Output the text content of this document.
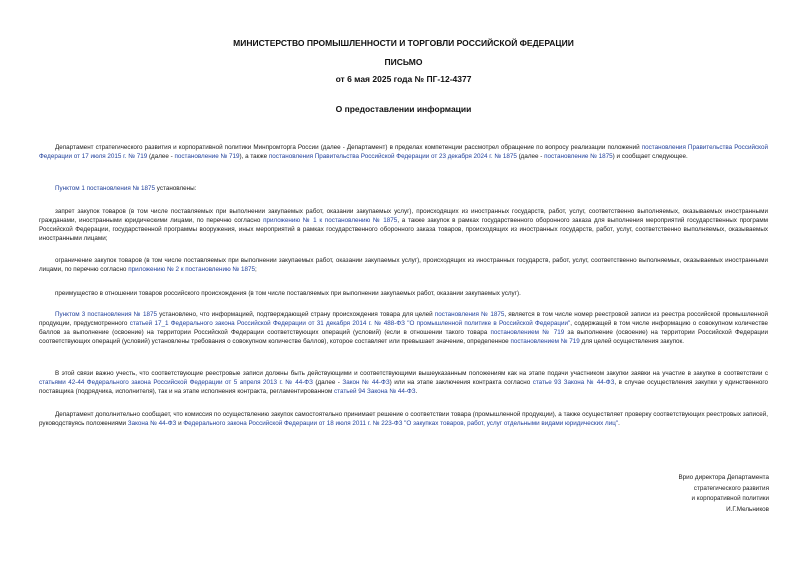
МИНИСТЕРСТВО ПРОМЫШЛЕННОСТИ И ТОРГОВЛИ РОССИЙСКОЙ ФЕДЕРАЦИИ
ПИСЬМО
от 6 мая 2025 года № ПГ-12-4377
О предоставлении информации
Департамент стратегического развития и корпоративной политики Минпромторга России (далее - Департамент) в пределах компетенции рассмотрел обращение по вопросу реализации положений постановления Правительства Российской Федерации от 17 июля 2015 г. № 719 (далее - постановление № 719), а также постановления Правительства Российской Федерации от 23 декабря 2024 г. № 1875 (далее - постановление № 1875) и сообщает следующее.
Пунктом 1 постановления № 1875 установлены:
запрет закупок товаров (в том числе поставляемых при выполнении закупаемых работ, оказании закупаемых услуг), происходящих из иностранных государств, работ, услуг, соответственно выполняемых, оказываемых иностранными гражданами, иностранными юридическими лицами, по перечню согласно приложению № 1 к постановлению № 1875, а также закупок в рамках государственного оборонного заказа для выполнения мероприятий государственных программ Российской Федерации, государственной программы вооружения, иных мероприятий в рамках государственного оборонного заказа товаров, происходящих из иностранных государств, работ, услуг, соответственно выполняемых, оказываемых иностранными лицами;
ограничение закупок товаров (в том числе поставляемых при выполнении закупаемых работ, оказании закупаемых услуг), происходящих из иностранных государств, работ, услуг, соответственно выполняемых, оказываемых иностранными лицами, по перечню согласно приложению № 2 к постановлению № 1875;
преимущество в отношении товаров российского происхождения (в том числе поставляемых при выполнении закупаемых работ, оказании закупаемых услуг).
Пунктом 3 постановления № 1875 установлено, что информацией, подтверждающей страну происхождения товара для целей постановления № 1875, является в том числе номер реестровой записи из реестра российской промышленной продукции, предусмотренного статьей 17_1 Федерального закона Российской Федерации от 31 декабря 2014 г. № 488-ФЗ "О промышленной политике в Российской Федерации", содержащей в том числе информацию о совокупном количестве баллов за выполнение (освоение) на территории Российской Федерации соответствующих операций (условий) (если в отношении такого товара постановлением № 719 за выполнение (освоение) на территории Российской Федерации соответствующих операций (условий) установлены требования о совокупном количестве баллов), которое составляет или превышает значение, определенное постановлением № 719 для целей осуществления закупок.
В этой связи важно учесть, что соответствующие реестровые записи должны быть действующими и соответствующими вышеуказанным положениям как на этапе подачи участником закупки заявки на участие в закупке в соответствии с статьями 42-44 Федерального закона Российской Федерации от 5 апреля 2013 г. № 44-ФЗ (далее - Закон № 44-ФЗ) или на этапе заключения контракта согласно статье 93 Закона № 44-ФЗ, в случае осуществления закупки у единственного поставщика (подрядчика, исполнителя), так и на этапе исполнения контракта, регламентированном статьей 94 Закона № 44-ФЗ.
Департамент дополнительно сообщает, что комиссия по осуществлению закупок самостоятельно принимает решение о соответствии товара (промышленной продукции), а также осуществляет проверку соответствующих реестровых записей, руководствуясь положениями Закона № 44-ФЗ и Федерального закона Российской Федерации от 18 июля 2011 г. № 223-ФЗ "О закупках товаров, работ, услуг отдельными видами юридических лиц".
Врио директора Департамента
стратегического развития
и корпоративной политики
И.Г.Мельников
